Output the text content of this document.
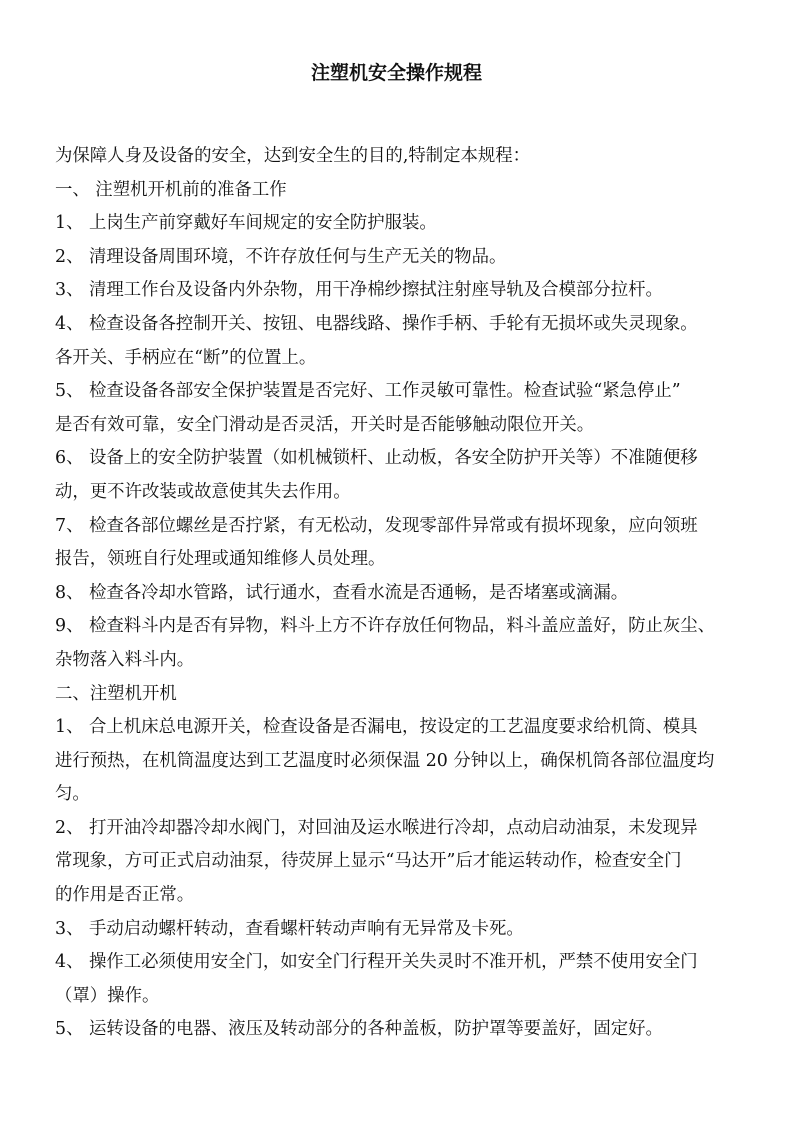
注塑机安全操作规程
为保障人身及设备的安全，达到安全生的目的,特制定本规程：
一、 注塑机开机前的准备工作
1、 上岗生产前穿戴好车间规定的安全防护服装。
2、 清理设备周围环境，不许存放任何与生产无关的物品。
3、 清理工作台及设备内外杂物，用干净棉纱擦拭注射座导轨及合模部分拉杆。
4、 检查设备各控制开关、按钮、电器线路、操作手柄、手轮有无损坏或失灵现象。
各开关、手柄应在“断”的位置上。
5、 检查设备各部安全保护装置是否完好、工作灵敏可靠性。检查试验“紧急停止”
是否有效可靠，安全门滑动是否灵活，开关时是否能够触动限位开关。
6、 设备上的安全防护装置（如机械锁杆、止动板，各安全防护开关等）不准随便移
动，更不许改装或故意使其失去作用。
7、 检查各部位螺丝是否拧紧，有无松动，发现零部件异常或有损坏现象，应向领班
报告，领班自行处理或通知维修人员处理。
8、 检查各冷却水管路，试行通水，查看水流是否通畅，是否堵塞或滴漏。
9、 检查料斗内是否有异物，料斗上方不许存放任何物品，料斗盖应盖好，防止灰尘、
杂物落入料斗内。
二、注塑机开机
1、 合上机床总电源开关，检查设备是否漏电，按设定的工艺温度要求给机筒、模具
进行预热，在机筒温度达到工艺温度时必须保温 20 分钟以上，确保机筒各部位温度均
匀。
2、 打开油冷却器冷却水阀门，对回油及运水喉进行冷却，点动启动油泵，未发现异
常现象，方可正式启动油泵，待荧屏上显示“马达开”后才能运转动作，检查安全门
的作用是否正常。
3、 手动启动螺杆转动，查看螺杆转动声响有无异常及卡死。
4、 操作工必须使用安全门，如安全门行程开关失灵时不准开机，严禁不使用安全门
（罩）操作。
5、 运转设备的电器、液压及转动部分的各种盖板，防护罩等要盖好，固定好。
